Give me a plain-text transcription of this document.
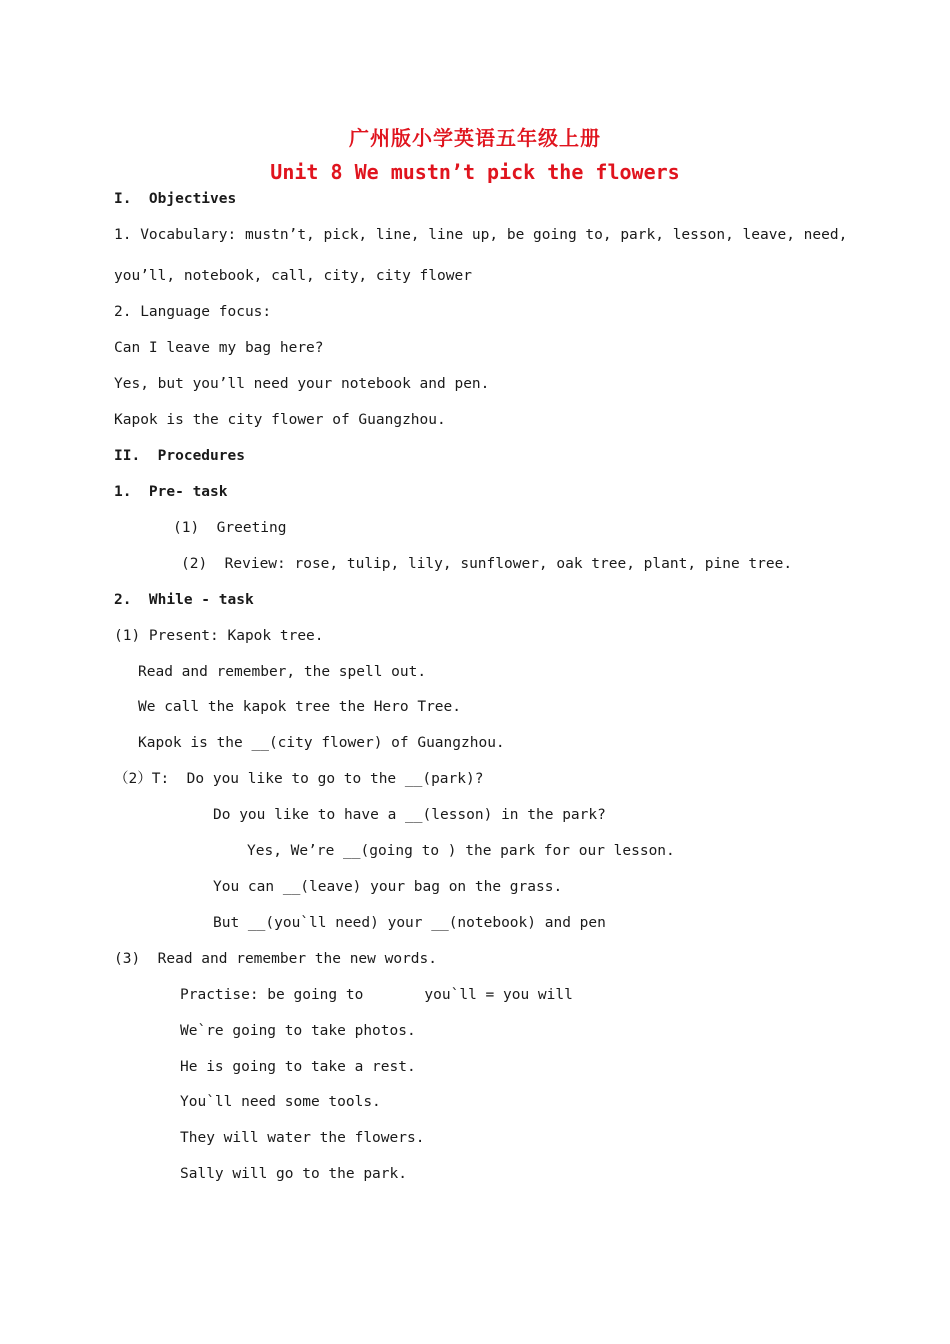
广州版小学英语五年级上册
Unit 8 We mustn’t pick the flowers
I.  Objectives
1. Vocabulary: mustn’t, pick, line, line up, be going to, park, lesson, leave, need,
you’ll, notebook, call, city, city flower
2. Language focus:
Can I leave my bag here?
Yes, but you’ll need your notebook and pen.
Kapok is the city flower of Guangzhou.
II.  Procedures
1.  Pre- task
(1)  Greeting
(2)  Review: rose, tulip, lily, sunflower, oak tree, plant, pine tree.
2.  While - task
(1) Present: Kapok tree.
Read and remember, the spell out.
We call the kapok tree the Hero Tree.
Kapok is the __(city flower) of Guangzhou.
（2）T:  Do you like to go to the __(park)?
Do you like to have a __(lesson) in the park?
Yes, We’re __(going to ) the park for our lesson.
You can __(leave) your bag on the grass.
But __(you`ll need) your __(notebook) and pen
(3)  Read and remember the new words.
Practise: be going to       you`ll = you will
We`re going to take photos.
He is going to take a rest.
You`ll need some tools.
They will water the flowers.
Sally will go to the park.
